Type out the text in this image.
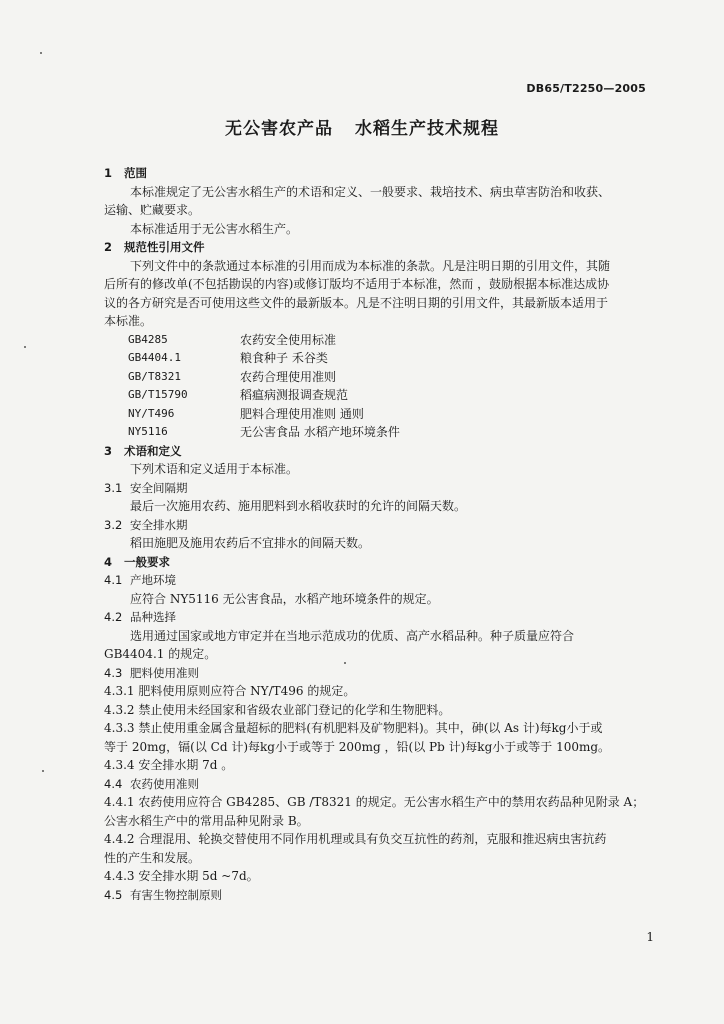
DB65/T2250—2005
无公害农产品 水稻生产技术规程
1 范围
本标准规定了无公害水稻生产的术语和定义、一般要求、栽培技术、病虫草害防治和收获、
运输、贮藏要求。
本标准适用于无公害水稻生产。
2 规范性引用文件
下列文件中的条款通过本标准的引用而成为本标准的条款。凡是注明日期的引用文件，其随
后所有的修改单(不包括勘误的内容)或修订版均不适用于本标准，然而 ，鼓励根据本标准达成协
议的各方研究是否可使用这些文件的最新版本。凡是不注明日期的引用文件，其最新版本适用于
本标准。
GB4285	农药安全使用标准
GB4404.1	粮食种子 禾谷类
GB/T8321	农药合理使用准则
GB/T15790	稻瘟病测报调查规范
NY/T496	肥料合理使用准则 通则
NY5116	无公害食品 水稻产地环境条件
3 术语和定义
下列术语和定义适用于本标准。
3.1 安全间隔期
最后一次施用农药、施用肥料到水稻收获时的允许的间隔天数。
3.2 安全排水期
稻田施肥及施用农药后不宜排水的间隔天数。
4 一般要求
4.1 产地环境
应符合 NY5116 无公害食品，水稻产地环境条件的规定。
4.2 品种选择
选用通过国家或地方审定并在当地示范成功的优质、高产水稻品种。种子质量应符合
GB4404.1 的规定。
4.3 肥料使用准则
4.3.1 肥料使用原则应符合 NY/T496 的规定。
4.3.2 禁止使用未经国家和省级农业部门登记的化学和生物肥料。
4.3.3 禁止使用重金属含量超标的肥料(有机肥料及矿物肥料)。其中，砷(以 As 计)每kg小于或
等于 20mg，镉(以 Cd 计)每kg小于或等于 200mg ，铅(以 Pb 计)每kg小于或等于 100mg。
4.3.4 安全排水期 7d 。
4.4 农药使用准则
4.4.1 农药使用应符合 GB4285、GB /T8321 的规定。无公害水稻生产中的禁用农药品种见附录 A；
公害水稻生产中的常用品种见附录 B。
4.4.2 合理混用、轮换交替使用不同作用机理或具有负交互抗性的药剂，克服和推迟病虫害抗药
性的产生和发展。
4.4.3 安全排水期 5d ~7d。
4.5 有害生物控制原则
1
